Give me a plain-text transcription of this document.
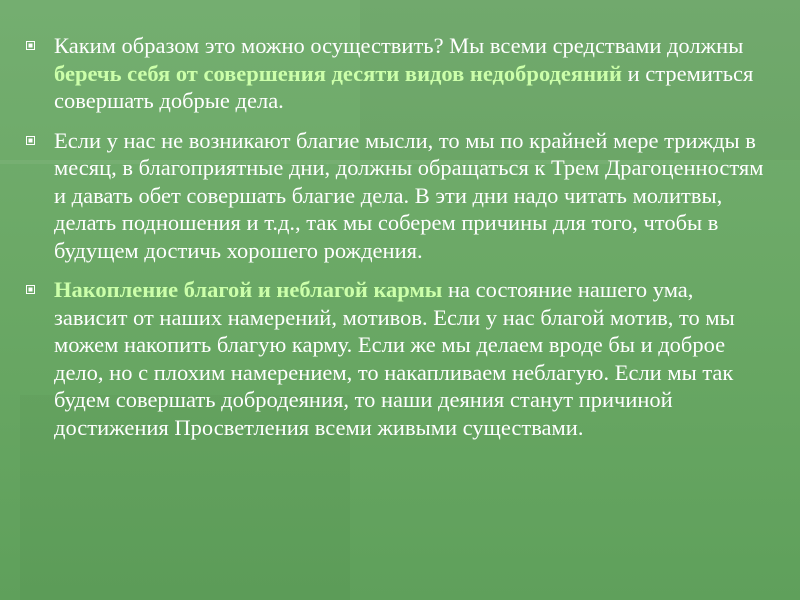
Каким образом это можно осуществить? Мы всеми средствами должны беречь себя от совершения десяти видов недобродеяний и стремиться совершать добрые дела.
Если у нас не возникают благие мысли, то мы по крайней мере трижды в месяц, в благоприятные дни, должны обращаться к Трем Драгоценностям и давать обет совершать благие дела. В эти дни надо читать молитвы, делать подношения и т.д., так мы соберем причины для того, чтобы в будущем достичь хорошего рождения.
Накопление благой и неблагой кармы на состояние нашего ума, зависит от наших намерений, мотивов. Если у нас благой мотив, то мы можем накопить благую карму. Если же мы делаем вроде бы и доброе дело, но с плохим намерением, то накапливаем неблагую. Если мы так будем совершать добродеяния, то наши деяния станут причиной достижения Просветления всеми живыми существами.
